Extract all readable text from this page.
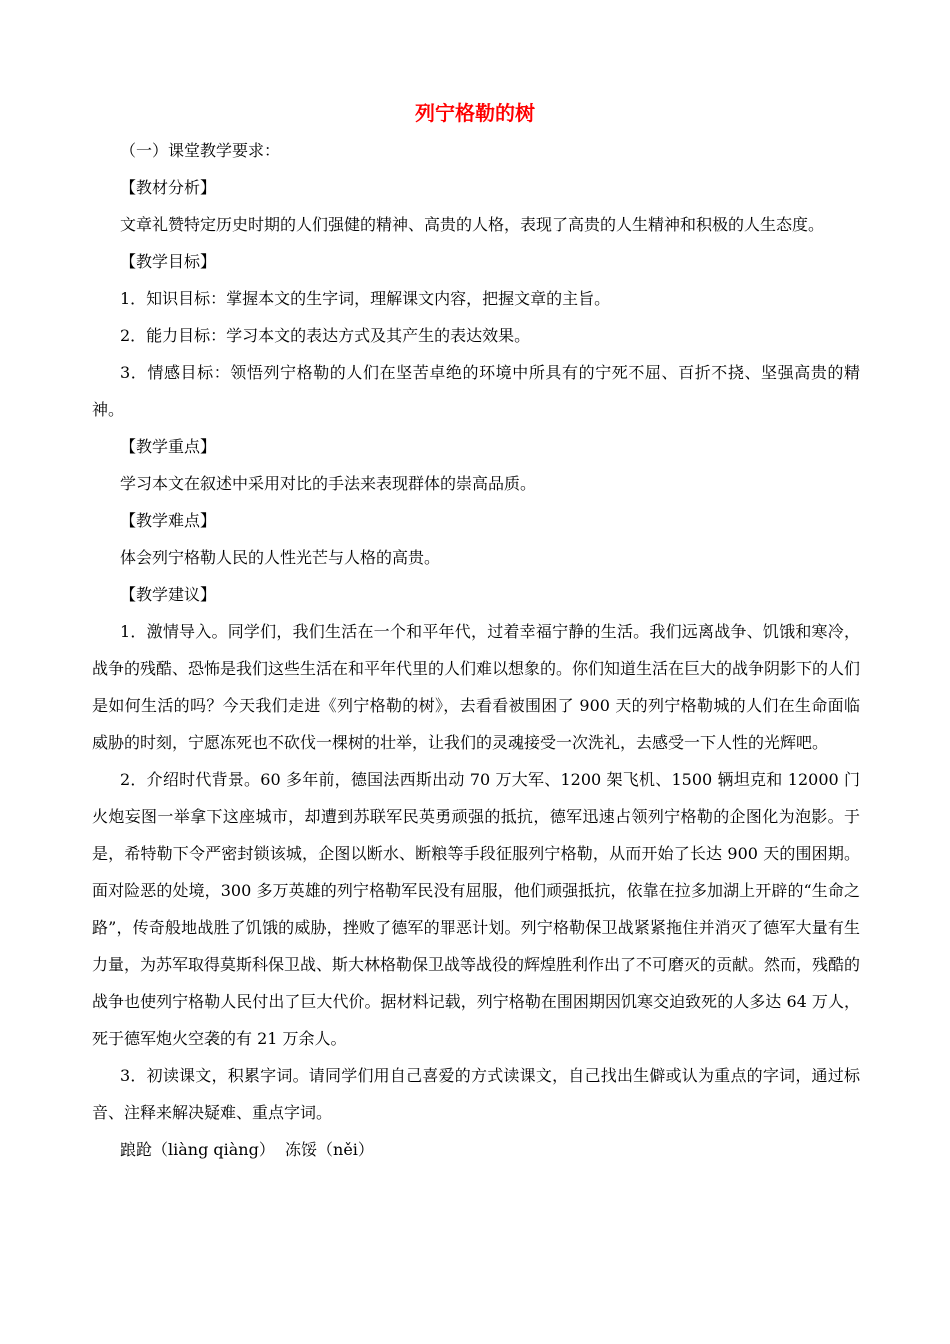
列宁格勒的树

（一）课堂教学要求：

【教材分析】

文章礼赞特定历史时期的人们强健的精神、高贵的人格，表现了高贵的人生精神和积极的人生态度。

【教学目标】

1．知识目标：掌握本文的生字词，理解课文内容，把握文章的主旨。

2．能力目标：学习本文的表达方式及其产生的表达效果。

3．情感目标：领悟列宁格勒的人们在坚苦卓绝的环境中所具有的宁死不屈、百折不挠、坚强高贵的精神。

【教学重点】

学习本文在叙述中采用对比的手法来表现群体的崇高品质。

【教学难点】

体会列宁格勒人民的人性光芒与人格的高贵。

【教学建议】

1．激情导入。同学们，我们生活在一个和平年代，过着幸福宁静的生活。我们远离战争、饥饿和寒冷，战争的残酷、恐怖是我们这些生活在和平年代里的人们难以想象的。你们知道生活在巨大的战争阴影下的人们是如何生活的吗？今天我们走进《列宁格勒的树》，去看看被围困了 900 天的列宁格勒城的人们在生命面临威胁的时刻，宁愿冻死也不砍伐一棵树的壮举，让我们的灵魂接受一次洗礼，去感受一下人性的光辉吧。

2．介绍时代背景。60 多年前，德国法西斯出动 70 万大军、1200 架飞机、1500 辆坦克和 12000 门火炮妄图一举拿下这座城市，却遭到苏联军民英勇顽强的抵抗，德军迅速占领列宁格勒的企图化为泡影。于是，希特勒下令严密封锁该城，企图以断水、断粮等手段征服列宁格勒，从而开始了长达 900 天的围困期。面对险恶的处境，300 多万英雄的列宁格勒军民没有屈服，他们顽强抵抗，依靠在拉多加湖上开辟的“生命之路”，传奇般地战胜了饥饿的威胁，挫败了德军的罪恶计划。列宁格勒保卫战紧紧拖住并消灭了德军大量有生力量，为苏军取得莫斯科保卫战、斯大林格勒保卫战等战役的辉煌胜利作出了不可磨灭的贡献。然而，残酷的战争也使列宁格勒人民付出了巨大代价。据材料记载，列宁格勒在围困期因饥寒交迫致死的人多达 64 万人，死于德军炮火空袭的有 21 万余人。

3．初读课文，积累字词。请同学们用自己喜爱的方式读课文，自己找出生僻或认为重点的字词，通过标音、注释来解决疑难、重点字词。

踉跄（liàng qiàng）  冻馁（něi）
